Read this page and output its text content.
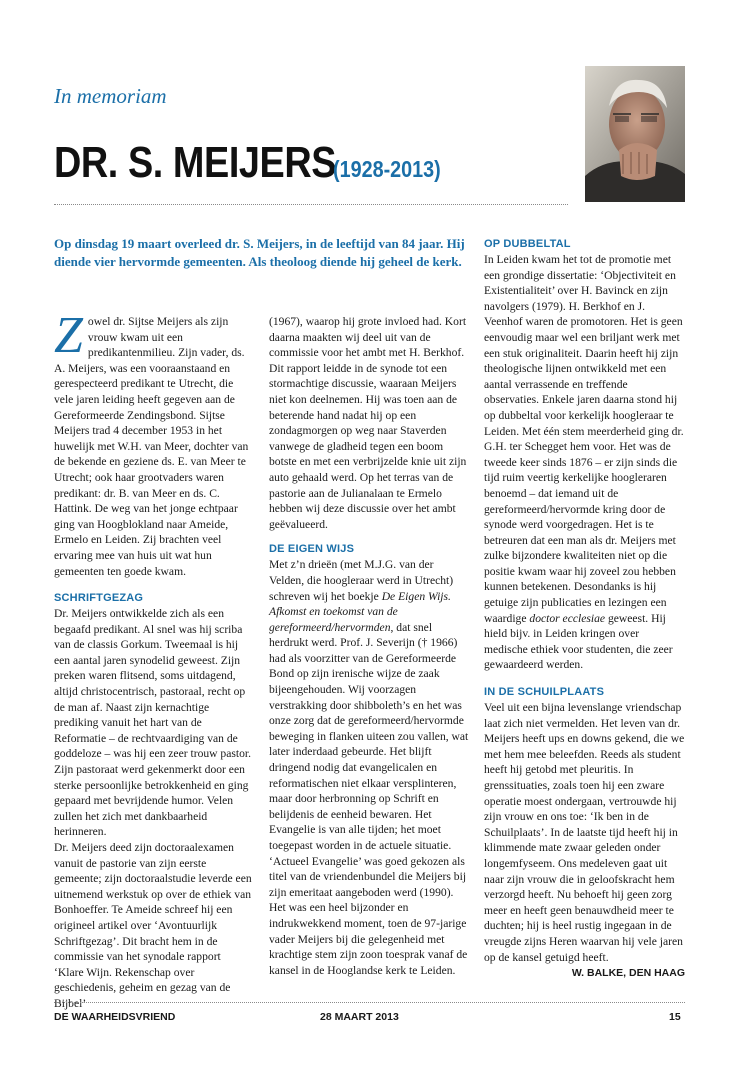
In memoriam
DR. S. MEIJERS
(1928-2013)
Op dinsdag 19 maart overleed dr. S. Meijers, in de leeftijd van 84 jaar. Hij diende vier hervormde gemeenten. Als theoloog diende hij geheel de kerk.

Zowel dr. Sijtse Meijers als zijn vrouw kwam uit een predikantenmilieu. Zijn vader, ds. A. Meijers, was een vooraanstaand en gerespecteerd predikant te Utrecht, die vele jaren leiding heeft gegeven aan de Gereformeerde Zendingsbond. Sijtse Meijers trad 4 december 1953 in het huwelijk met W.H. van Meer, dochter van de bekende en geziene ds. E. van Meer te Utrecht; ook haar grootvaders waren predikant: dr. B. van Meer en ds. C. Hattink. De weg van het jonge echtpaar ging van Hoogblokland naar Ameide, Ermelo en Leiden. Zij brachten veel ervaring mee van huis uit wat hun gemeenten ten goede kwam.

SCHRIFTGEZAG

Dr. Meijers ontwikkelde zich als een begaafd predikant. Al snel was hij scriba van de classis Gorkum. Tweemaal is hij een aantal jaren synodelid geweest. Zijn preken waren flitsend, soms uitdagend, altijd christocentrisch, pastoraal, recht op de man af. Naast zijn kernachtige prediking vanuit het hart van de Reformatie – de rechtvaardiging van de goddeloze – was hij een zeer trouw pastor. Zijn pastoraat werd gekenmerkt door een sterke persoonlijke betrokkenheid en ging gepaard met bevrijdende humor. Velen zullen het zich met dankbaarheid herinneren.

Dr. Meijers deed zijn doctoraalexamen vanuit de pastorie van zijn eerste gemeente; zijn doctoraalstudie leverde een uitnemend werkstuk op over de ethiek van Bonhoeffer. Te Ameide schreef hij een origineel artikel over ‘Avontuurlijk Schriftgezag’. Dit bracht hem in de commissie van het synodale rapport ‘Klare Wijn. Rekenschap over geschiedenis, geheim en gezag van de Bijbel’

(1967), waarop hij grote invloed had. Kort daarna maakten wij deel uit van de commissie voor het ambt met H. Berkhof. Dit rapport leidde in de synode tot een stormachtige discussie, waaraan Meijers niet kon deelnemen. Hij was toen aan de beterende hand nadat hij op een zondagmorgen op weg naar Staverden vanwege de gladheid tegen een boom botste en met een verbrijzelde knie uit zijn auto gehaald werd. Op het terras van de pastorie aan de Julianalaan te Ermelo hebben wij deze discussie over het ambt geëvalueerd.

DE EIGEN WIJS

Met z’n drieën (met M.J.G. van der Velden, die hoogleraar werd in Utrecht) schreven wij het boekje De Eigen Wijs. Afkomst en toekomst van de gereformeerd/hervormden, dat snel herdrukt werd. Prof. J. Severijn († 1966) had als voorzitter van de Gereformeerde Bond op zijn irenische wijze de zaak bijeengehouden. Wij voorzagen verstrakking door shibboleth’s en het was onze zorg dat de gereformeerd/hervormde beweging in flanken uiteen zou vallen, wat later inderdaad gebeurde. Het blijft dringend nodig dat evangelicalen en reformatischen niet elkaar versplinteren, maar door herbronning op Schrift en belijdenis de eenheid bewaren. Het Evangelie is van alle tijden; het moet toegepast worden in de actuele situatie.

‘Actueel Evangelie’ was goed gekozen als titel van de vriendenbundel die Meijers bij zijn emeritaat aangeboden werd (1990). Het was een heel bijzonder en indrukwekkend moment, toen de 97-jarige vader Meijers bij die gelegenheid met krachtige stem zijn zoon toesprak vanaf de kansel in de Hooglandse kerk te Leiden.

OP DUBBELTAL

In Leiden kwam het tot de promotie met een grondige dissertatie: ‘Objectiviteit en Existentialiteit’ over H. Bavinck en zijn navolgers (1979). H. Berkhof en J. Veenhof waren de promotoren. Het is geen eenvoudig maar wel een briljant werk met een stuk originaliteit. Daarin heeft hij zijn theologische lijnen ontwikkeld met een aantal verrassende en treffende observaties. Enkele jaren daarna stond hij op dubbeltal voor kerkelijk hoogleraar te Leiden. Met één stem meerderheid ging dr. G.H. ter Schegget hem voor. Het was de tweede keer sinds 1876 – er zijn sinds die tijd ruim veertig kerkelijke hoogleraren benoemd – dat iemand uit de gereformeerd/hervormde kring door de synode werd voorgedragen. Het is te betreuren dat een man als dr. Meijers met zulke bijzondere kwaliteiten niet op die positie kwam waar hij zoveel zou hebben kunnen betekenen. Desondanks is hij getuige zijn publicaties en lezingen een waardige doctor ecclesiae geweest. Hij hield bijv. in Leiden kringen over medische ethiek voor studenten, die zeer gewaardeerd werden.

IN DE SCHUILPLAATS

Veel uit een bijna levenslange vriendschap laat zich niet vermelden. Het leven van dr. Meijers heeft ups en downs gekend, die we met hem mee beleefden. Reeds als student heeft hij getobd met pleuritis. In grenssituaties, zoals toen hij een zware operatie moest ondergaan, vertrouwde hij zijn vrouw en ons toe: ‘Ik ben in de Schuilplaats’. In de laatste tijd heeft hij in klimmende mate zwaar geleden onder longemfyseem. Ons medeleven gaat uit naar zijn vrouw die in geloofskracht hem verzorgd heeft. Nu behoeft hij geen zorg meer en heeft geen benauwdheid meer te duchten; hij is heel rustig ingegaan in de vreugde zijns Heren waarvan hij vele jaren op de kansel getuigd heeft.

W. BALKE, DEN HAAG
DE WAARHEIDSVRIEND	28 MAART 2013	15
